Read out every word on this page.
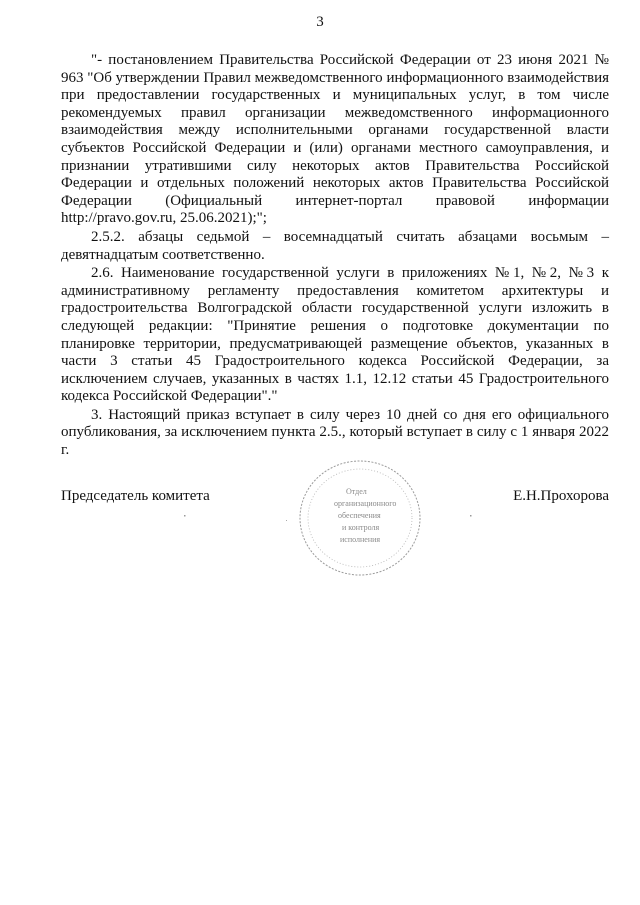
3

"- постановлением Правительства Российской Федерации от 23 июня 2021 № 963 "Об утверждении Правил межведомственного информационного взаимодействия при предоставлении государственных и муниципальных услуг, в том числе рекомендуемых правил организации межведомственного информационного взаимодействия между исполнительными органами государственной власти субъектов Российской Федерации и (или) органами местного самоуправления, и признании утратившими силу некоторых актов Правительства Российской Федерации и отдельных положений некоторых актов Правительства Российской Федерации (Официальный интернет-портал правовой информации http://pravo.gov.ru, 25.06.2021);";

2.5.2. абзацы седьмой – восемнадцатый считать абзацами восьмым – девятнадцатым соответственно.

2.6. Наименование государственной услуги в приложениях №1, №2, №3 к административному регламенту предоставления комитетом архитектуры и градостроительства Волгоградской области государственной услуги изложить в следующей редакции: "Принятие решения о подготовке документации по планировке территории, предусматривающей размещение объектов, указанных в части 3 статьи 45 Градостроительного кодекса Российской Федерации, за исключением случаев, указанных в частях 1.1, 12.12 статьи 45 Градостроительного кодекса Российской Федерации"."

3. Настоящий приказ вступает в силу через 10 дней со дня его официального опубликования, за исключением пункта 2.5., который вступает в силу с 1 января 2022 г.

Отдел
организационного
обеспечения
и контроля
исполнения
Председатель комитета	Е.Н.Прохорова
